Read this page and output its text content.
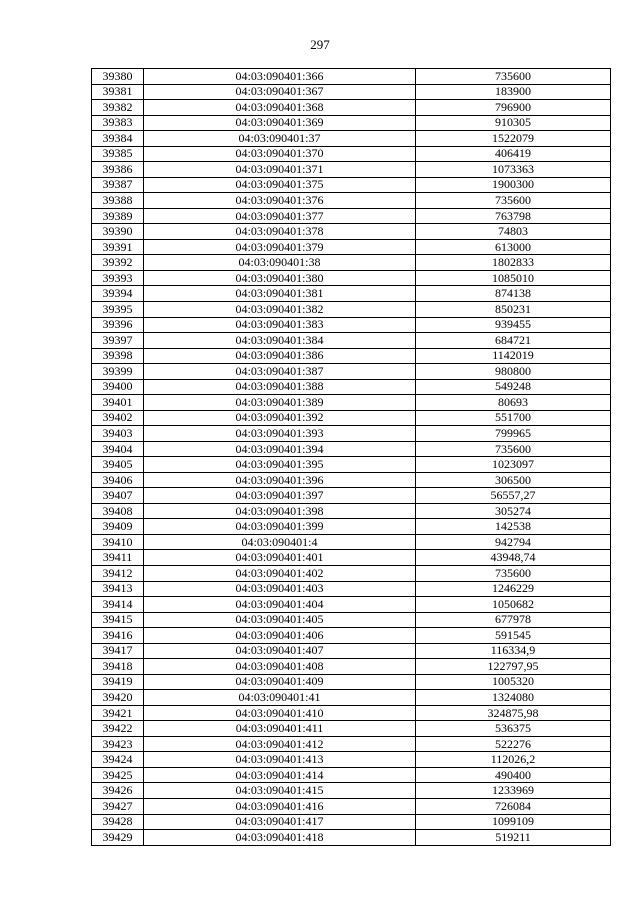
297
39380	04:03:090401:366	735600
39381	04:03:090401:367	183900
39382	04:03:090401:368	796900
39383	04:03:090401:369	910305
39384	04:03:090401:37	1522079
39385	04:03:090401:370	406419
39386	04:03:090401:371	1073363
39387	04:03:090401:375	1900300
39388	04:03:090401:376	735600
39389	04:03:090401:377	763798
39390	04:03:090401:378	74803
39391	04:03:090401:379	613000
39392	04:03:090401:38	1802833
39393	04:03:090401:380	1085010
39394	04:03:090401:381	874138
39395	04:03:090401:382	850231
39396	04:03:090401:383	939455
39397	04:03:090401:384	684721
39398	04:03:090401:386	1142019
39399	04:03:090401:387	980800
39400	04:03:090401:388	549248
39401	04:03:090401:389	80693
39402	04:03:090401:392	551700
39403	04:03:090401:393	799965
39404	04:03:090401:394	735600
39405	04:03:090401:395	1023097
39406	04:03:090401:396	306500
39407	04:03:090401:397	56557,27
39408	04:03:090401:398	305274
39409	04:03:090401:399	142538
39410	04:03:090401:4	942794
39411	04:03:090401:401	43948,74
39412	04:03:090401:402	735600
39413	04:03:090401:403	1246229
39414	04:03:090401:404	1050682
39415	04:03:090401:405	677978
39416	04:03:090401:406	591545
39417	04:03:090401:407	116334,9
39418	04:03:090401:408	122797,95
39419	04:03:090401:409	1005320
39420	04:03:090401:41	1324080
39421	04:03:090401:410	324875,98
39422	04:03:090401:411	536375
39423	04:03:090401:412	522276
39424	04:03:090401:413	112026,2
39425	04:03:090401:414	490400
39426	04:03:090401:415	1233969
39427	04:03:090401:416	726084
39428	04:03:090401:417	1099109
39429	04:03:090401:418	519211
